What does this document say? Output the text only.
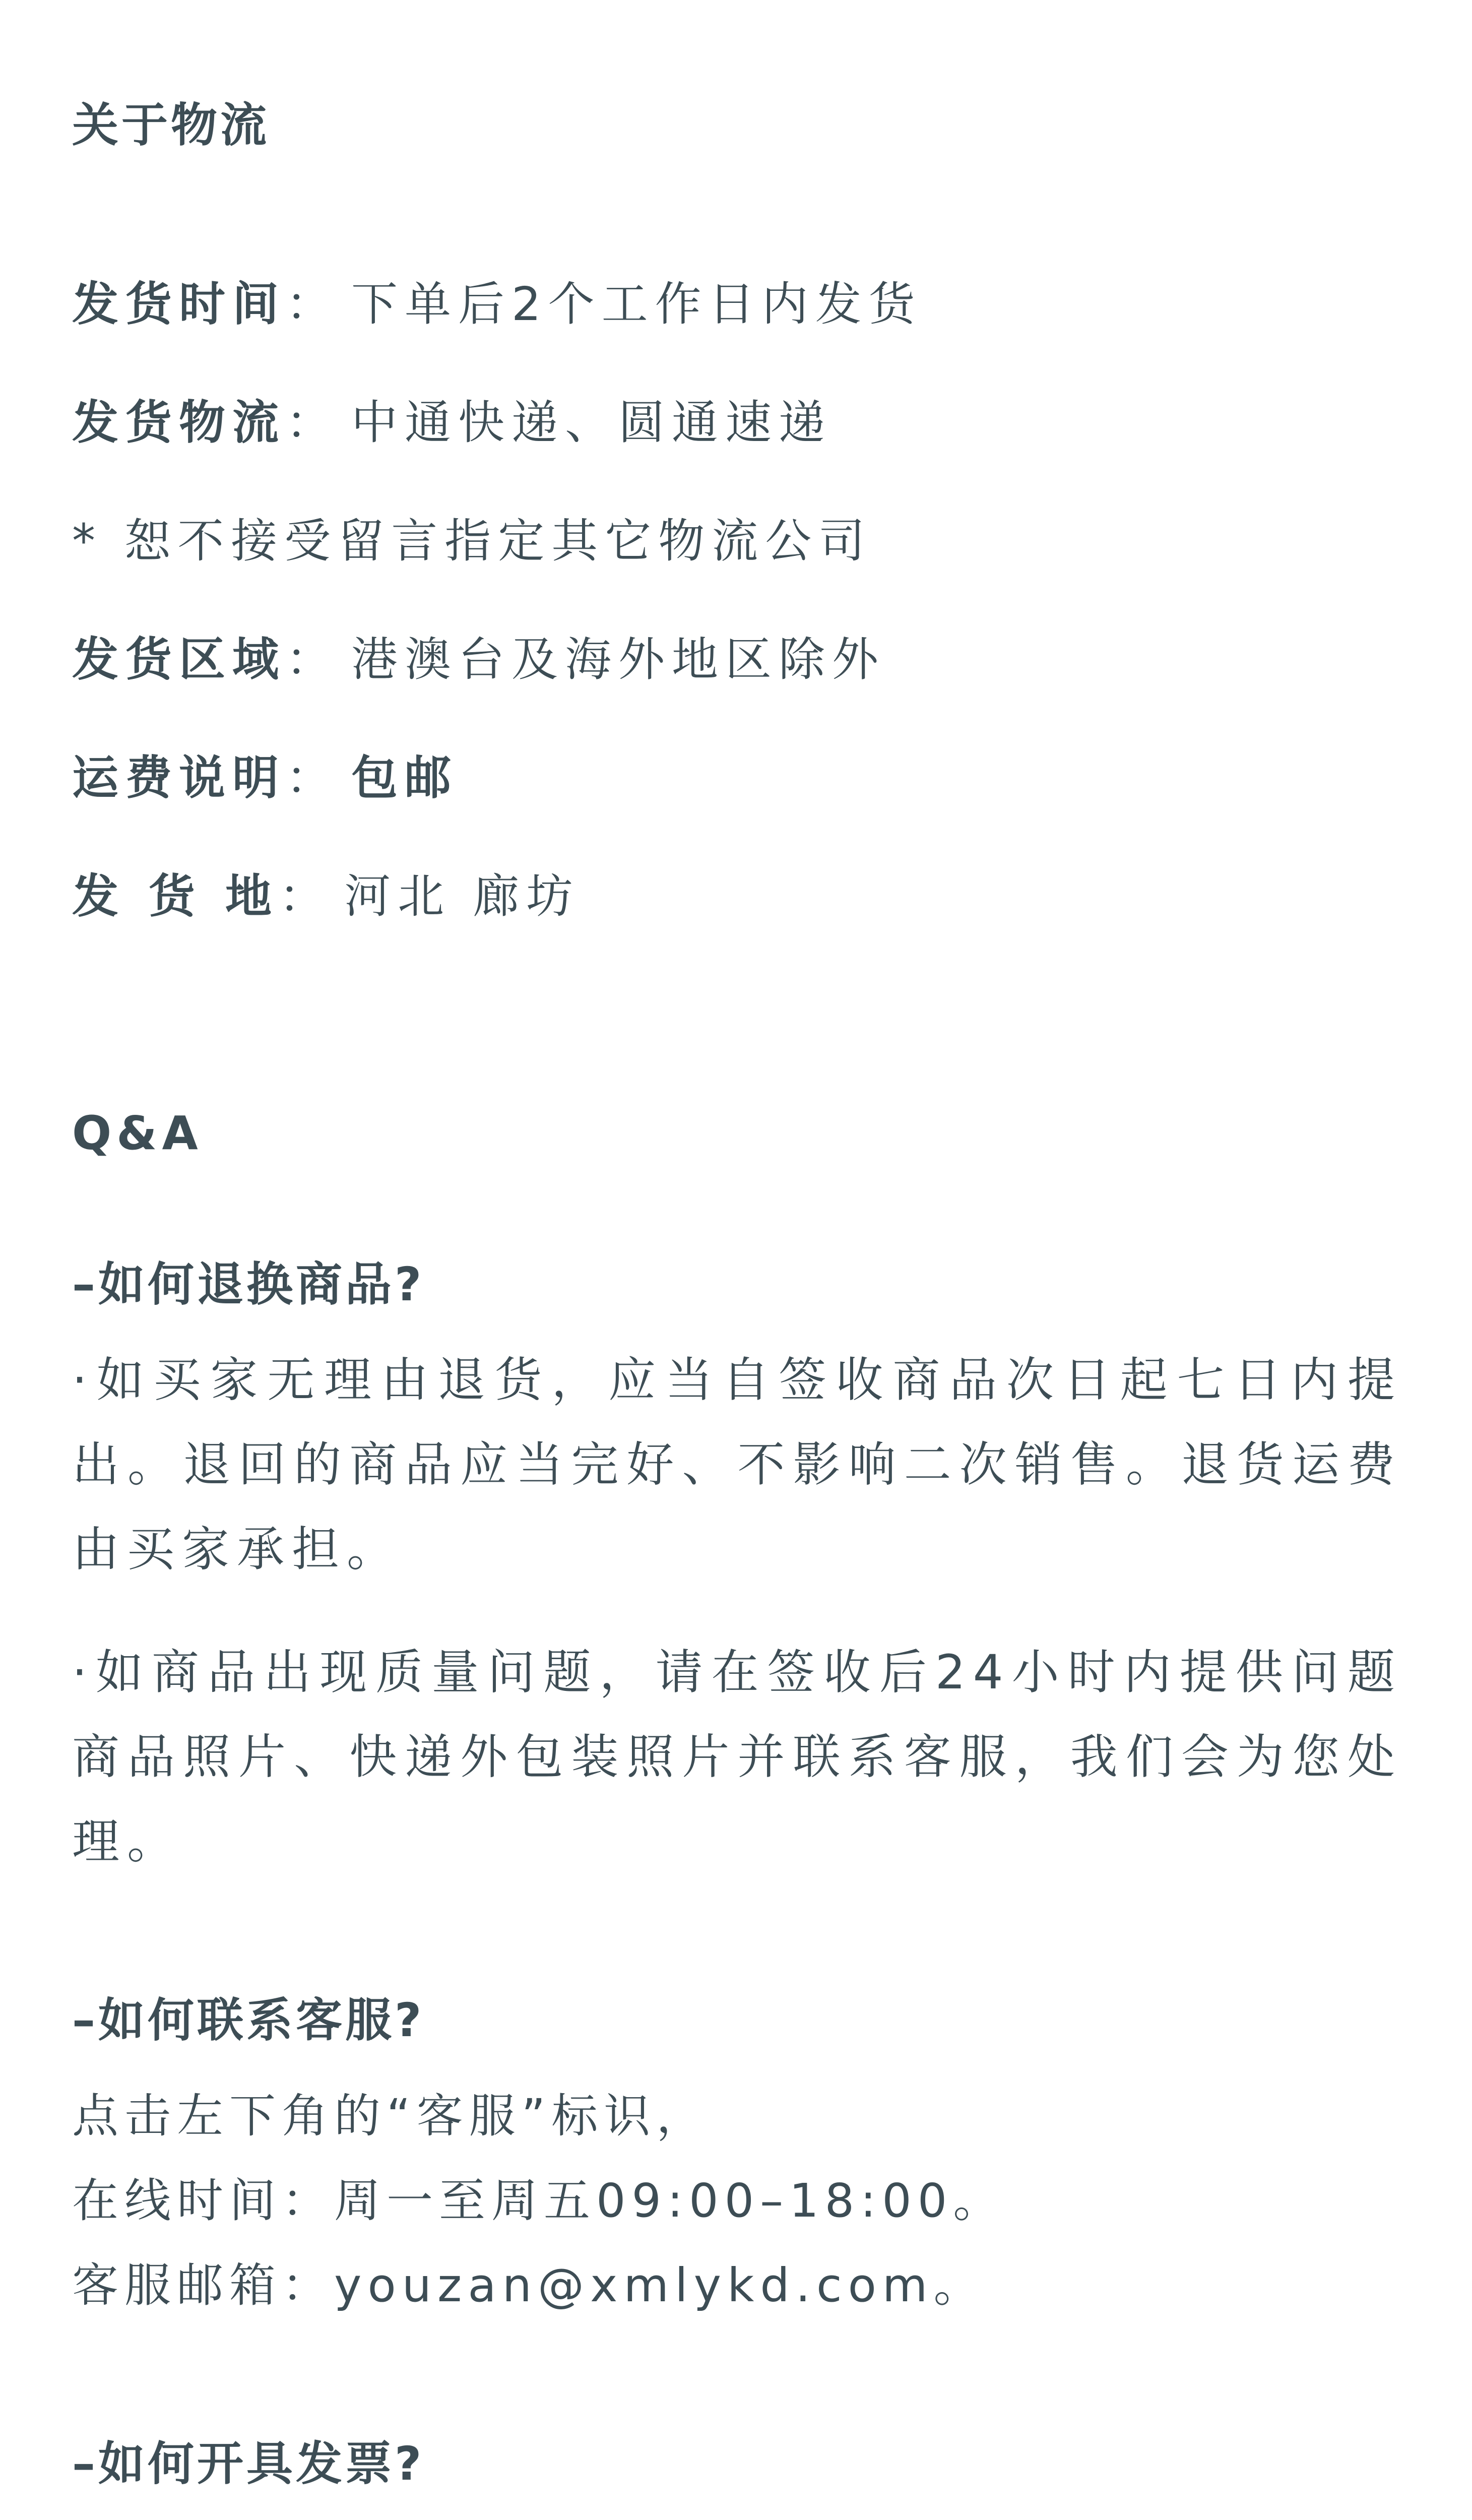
关于物流
发货时间： 下单后2个工作日内发货
发货物流： 中通快递、圆通速递
* 恕不接受留言指定其它物流公司
发货区域： 港澳台及海外地区除外
运费说明： 包邮
发 货 地： 河北 廊坊
Q&A
–如何退换商品?

·如买家无理由退货，应当自签收商品次日起七日内提出。退回的商品应当完好、不影响二次销售。退货运费由买家承担。

·如商品出现质量问题，请在签收后24小时内提供问题商品照片、快递外包装照片并联系客服，我们会为您处理。

–如何联系客服?
点击左下角的“客服”标识，
在线时间：周一至周五09:00–18:00。
客服邮箱：youzan@xmlykd.com。
–如何开具发票?
